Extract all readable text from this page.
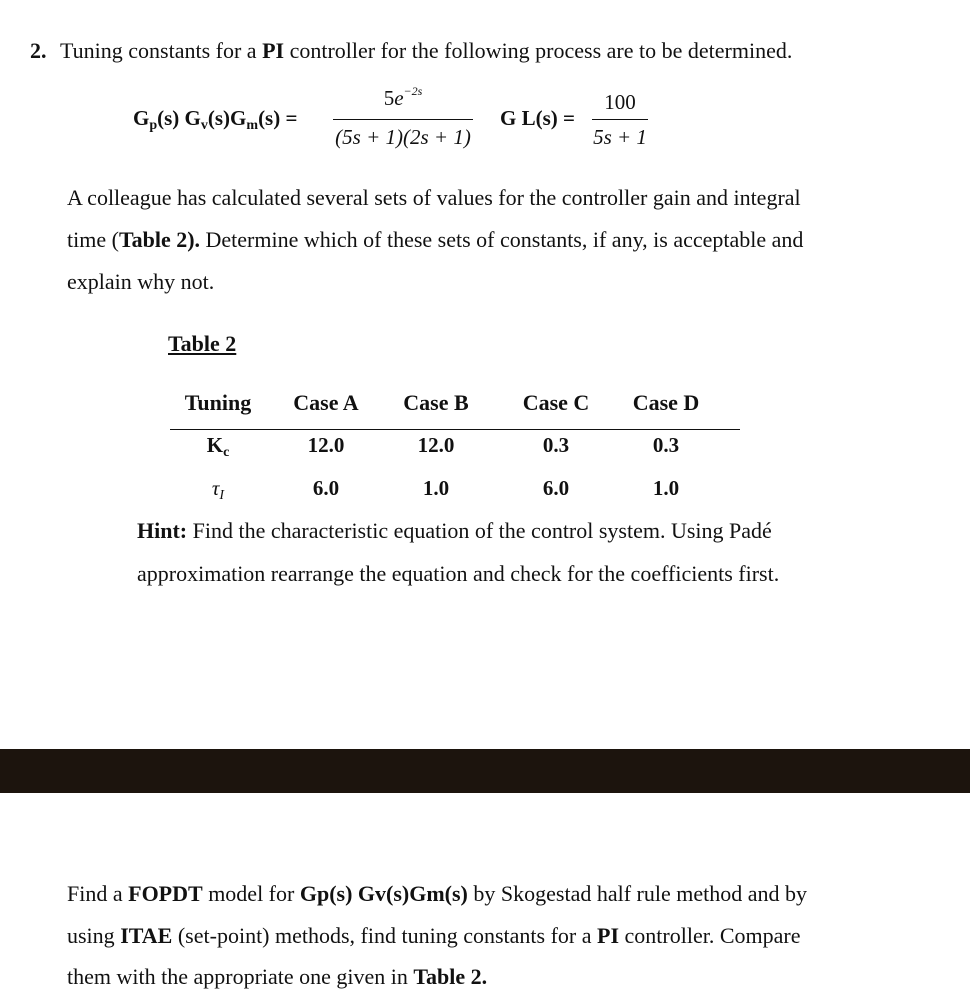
2. Tuning constants for a PI controller for the following process are to be determined.
$G_p(s) G_v(s)G_m(s)$ =
$5e^{-2s}$
(5s + 1)(2s + 1)
G L(s) =
100
5s + 1
A colleague has calculated several sets of values for the controller gain and integral
time (Table 2). Determine which of these sets of constants, if any, is acceptable and
explain why not.
Table 2
Tuning	Case A	Case B	Case C	Case D
$K_c$	12.0	12.0	0.3	0.3
$\tau_I$	6.0	1.0	6.0	1.0
Hint: Find the characteristic equation of the control system. Using Padé
approximation rearrange the equation and check for the coefficients first.
Find a FOPDT model for Gp(s) Gv(s)Gm(s) by Skogestad half rule method and by
using ITAE (set-point) methods, find tuning constants for a PI controller. Compare
them with the appropriate one given in Table 2.
